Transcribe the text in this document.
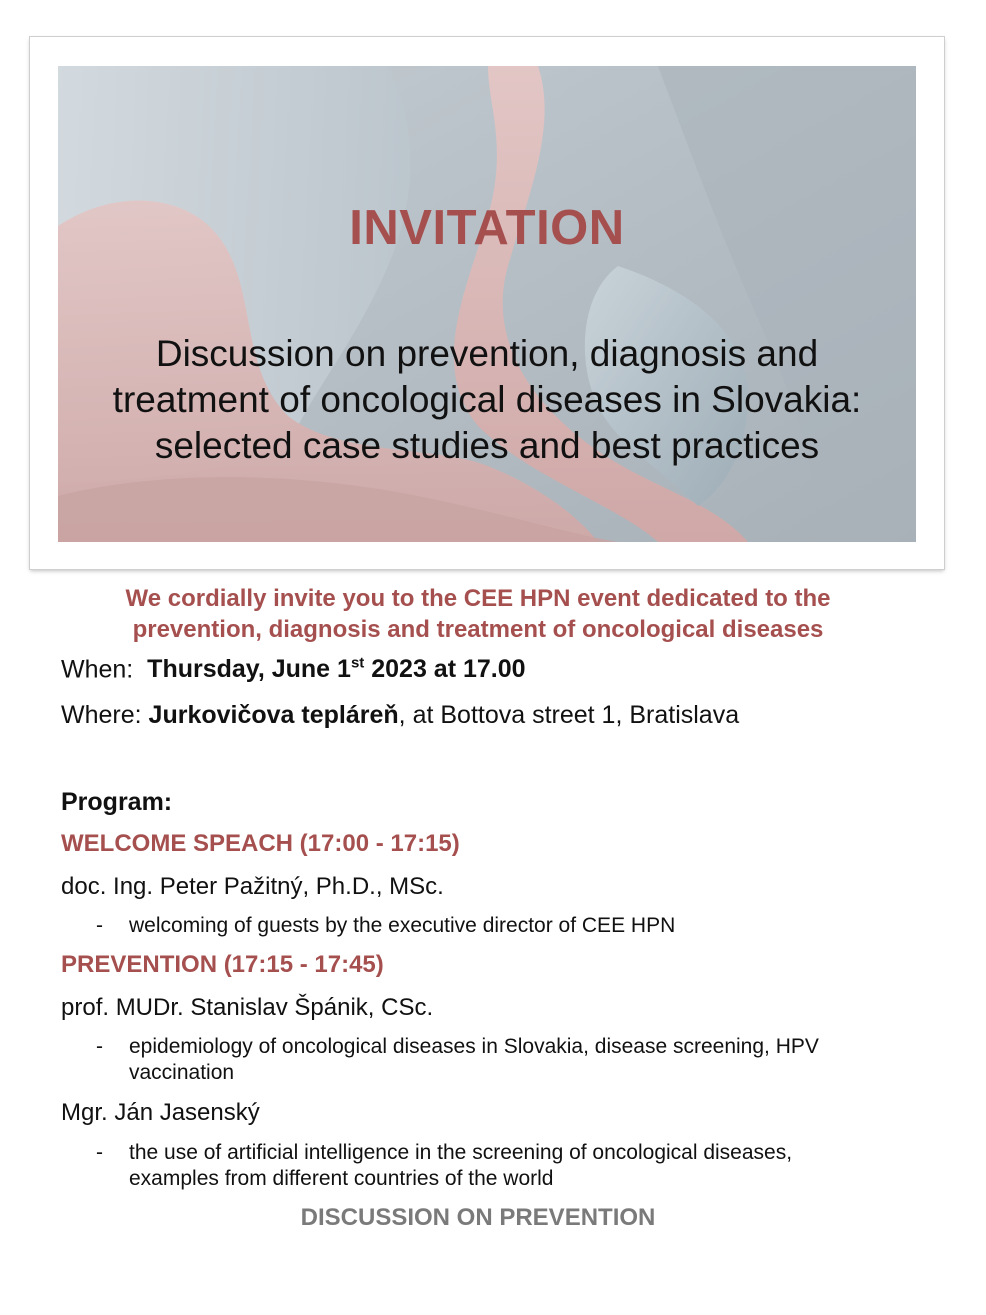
INVITATION
Discussion on prevention, diagnosis and
treatment of oncological diseases in Slovakia:
selected case studies and best practices
We cordially invite you to the CEE HPN event dedicated to the
prevention, diagnosis and treatment of oncological diseases

When: Thursday, June 1st 2023 at 17.00

Where: Jurkovičova tepláreň, at Bottova street 1, Bratislava

Program:

WELCOME SPEACH (17:00 - 17:15)

doc. Ing. Peter Pažitný, Ph.D., MSc.

- welcoming of guests by the executive director of CEE HPN

PREVENTION (17:15 - 17:45)

prof. MUDr. Stanislav Špánik, CSc.

- epidemiology of oncological diseases in Slovakia, disease screening, HPV
vaccination

Mgr. Ján Jasenský

- the use of artificial intelligence in the screening of oncological diseases,
examples from different countries of the world

DISCUSSION ON PREVENTION
